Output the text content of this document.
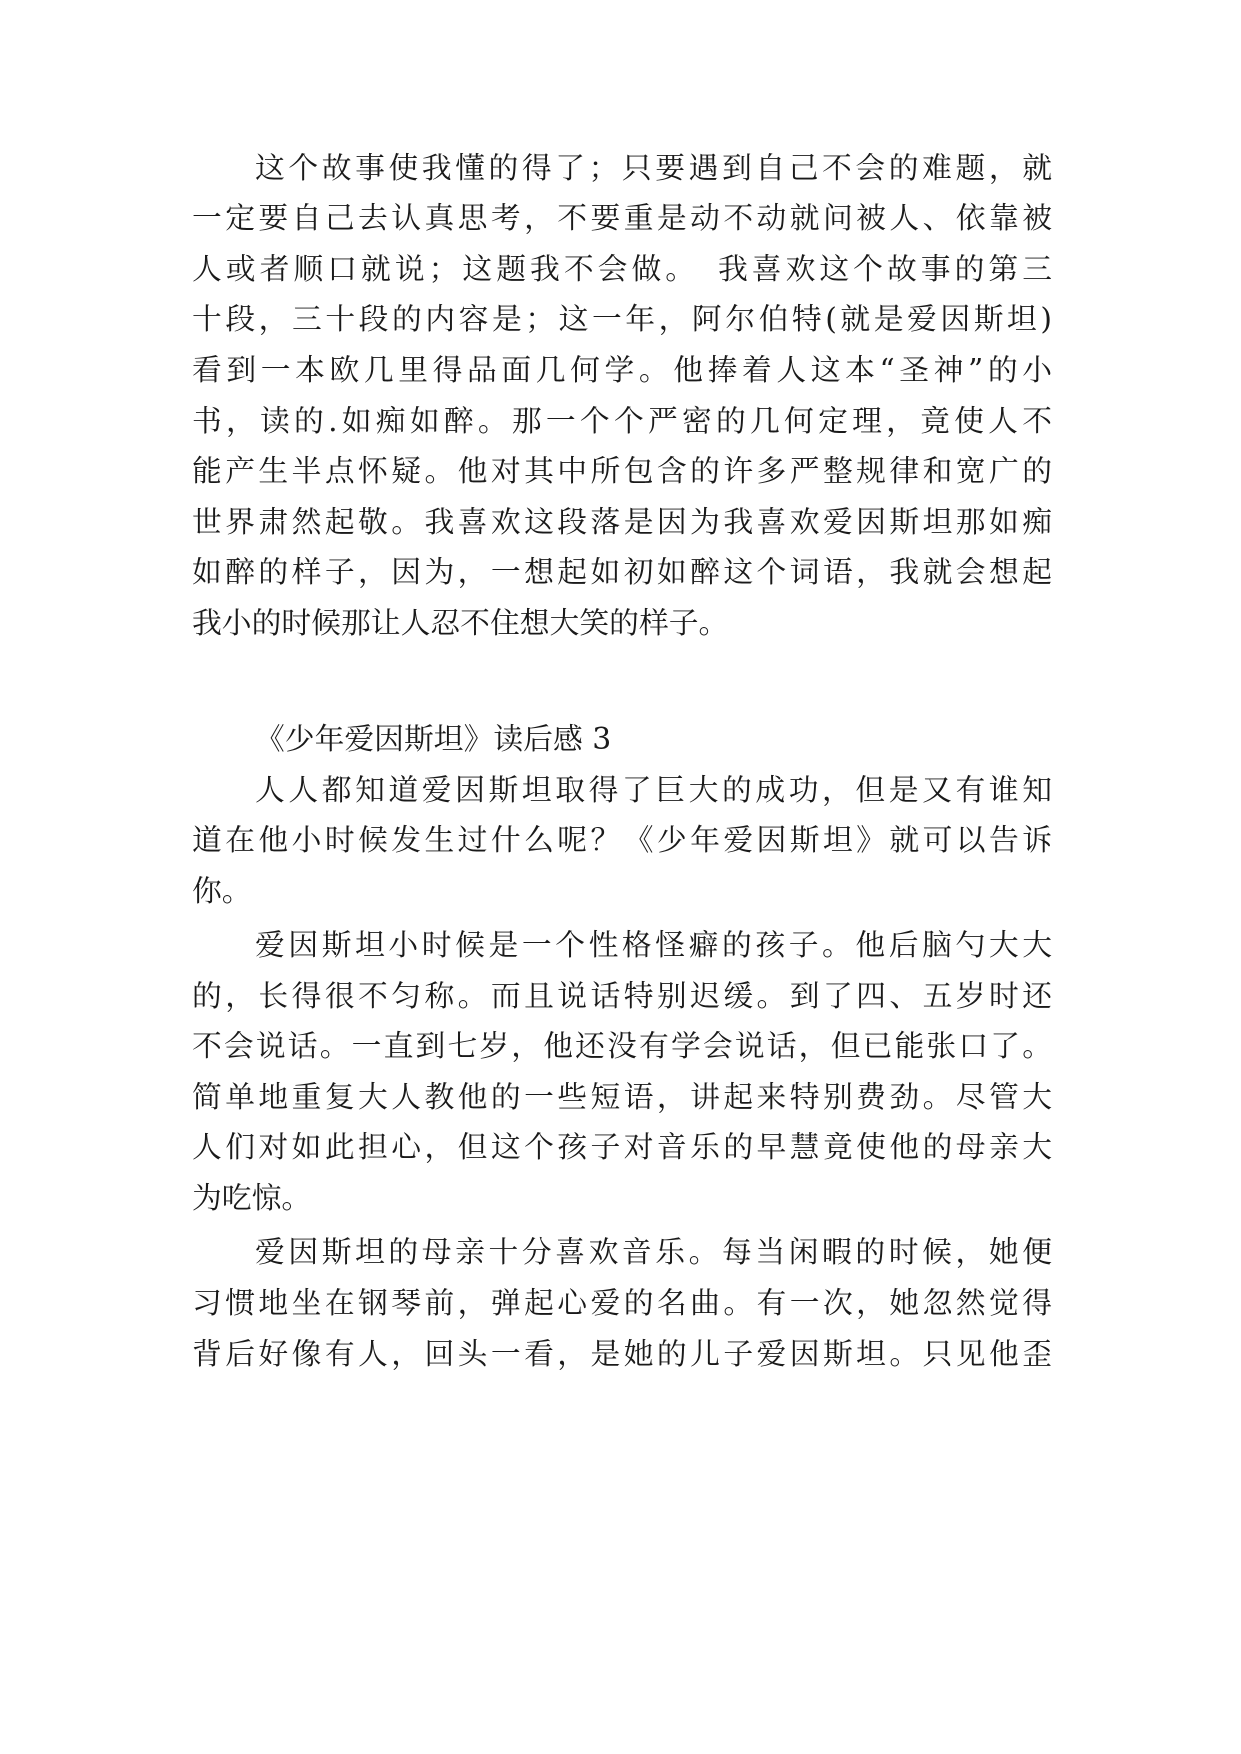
这个故事使我懂的得了；只要遇到自己不会的难题，就

一定要自己去认真思考，不要重是动不动就问被人、依靠被

人或者顺口就说；这题我不会做。　我喜欢这个故事的第三

十段，三十段的内容是；这一年，阿尔伯特(就是爱因斯坦)

看到一本欧几里得品面几何学。他捧着人这本“圣神”的小

书，读的.如痴如醉。那一个个严密的几何定理，竟使人不

能产生半点怀疑。他对其中所包含的许多严整规律和宽广的

世界肃然起敬。我喜欢这段落是因为我喜欢爱因斯坦那如痴

如醉的样子，因为，一想起如初如醉这个词语，我就会想起

我小的时候那让人忍不住想大笑的样子。

《少年爱因斯坦》读后感 3

人人都知道爱因斯坦取得了巨大的成功，但是又有谁知

道在他小时候发生过什么呢？《少年爱因斯坦》就可以告诉

你。

爱因斯坦小时候是一个性格怪癖的孩子。他后脑勺大大

的，长得很不匀称。而且说话特别迟缓。到了四、五岁时还

不会说话。一直到七岁，他还没有学会说话，但已能张口了。

简单地重复大人教他的一些短语，讲起来特别费劲。尽管大

人们对如此担心，但这个孩子对音乐的早慧竟使他的母亲大

为吃惊。

爱因斯坦的母亲十分喜欢音乐。每当闲暇的时候，她便

习惯地坐在钢琴前，弹起心爱的名曲。有一次，她忽然觉得

背后好像有人，回头一看，是她的儿子爱因斯坦。只见他歪
